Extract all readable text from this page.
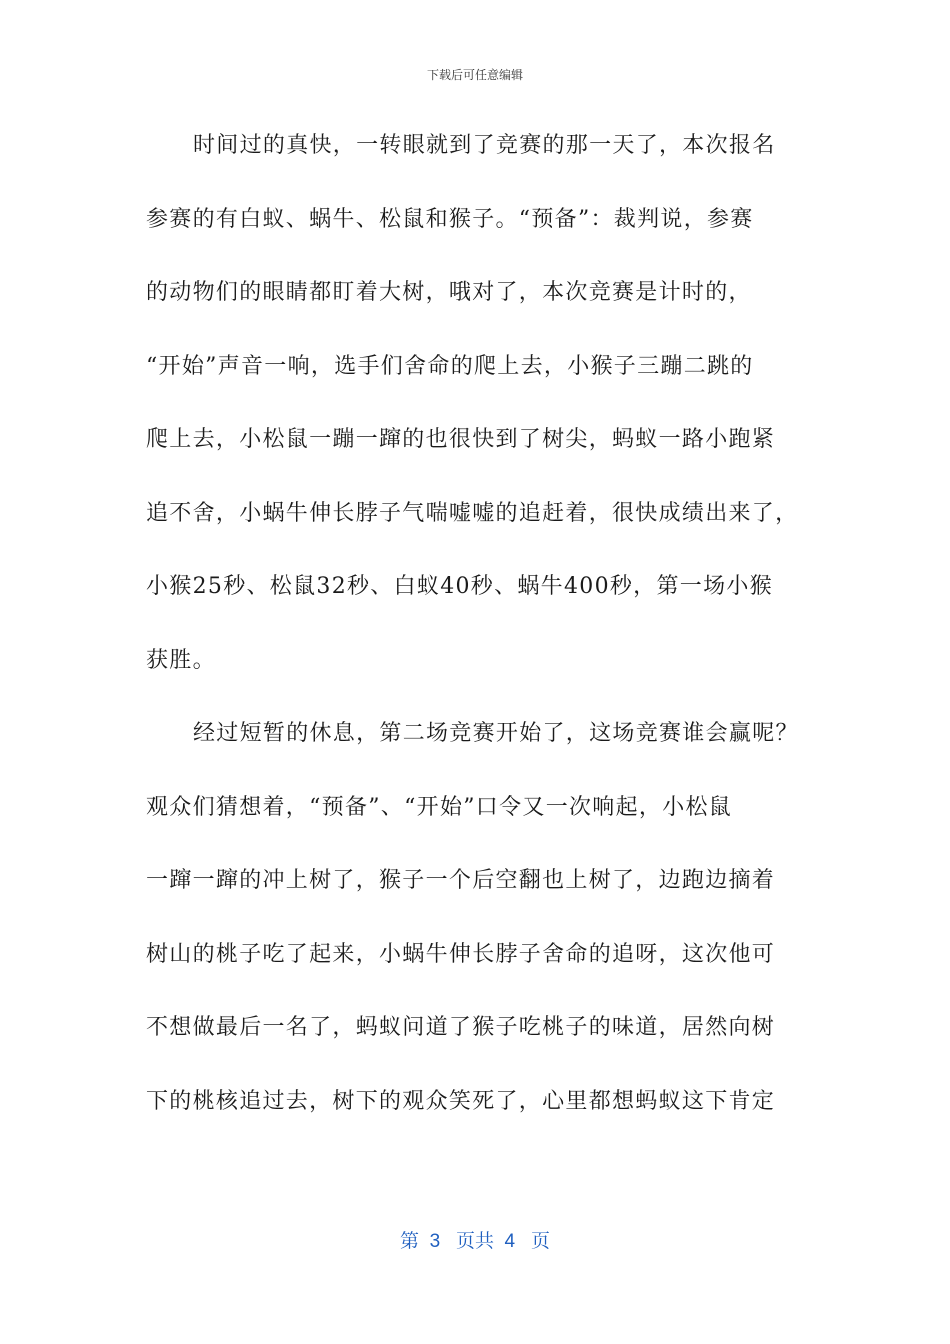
下载后可任意编辑
时间过的真快，一转眼就到了竞赛的那一天了，本次报名
参赛的有白蚁、蜗牛、松鼠和猴子。“预备”：裁判说，参赛
的动物们的眼睛都盯着大树，哦对了，本次竞赛是计时的，
“开始”声音一响，选手们舍命的爬上去，小猴子三蹦二跳的
爬上去，小松鼠一蹦一蹿的也很快到了树尖，蚂蚁一路小跑紧
追不舍，小蜗牛伸长脖子气喘嘘嘘的追赶着，很快成绩出来了，
小猴25秒、松鼠32秒、白蚁40秒、蜗牛400秒，第一场小猴
获胜。
经过短暂的休息，第二场竞赛开始了，这场竞赛谁会赢呢？
观众们猜想着，“预备”、“开始”口令又一次响起，小松鼠
一蹿一蹿的冲上树了，猴子一个后空翻也上树了，边跑边摘着
树山的桃子吃了起来，小蜗牛伸长脖子舍命的追呀，这次他可
不想做最后一名了，蚂蚁问道了猴子吃桃子的味道，居然向树
下的桃核追过去，树下的观众笑死了，心里都想蚂蚁这下肯定
第  3   页共  4   页
